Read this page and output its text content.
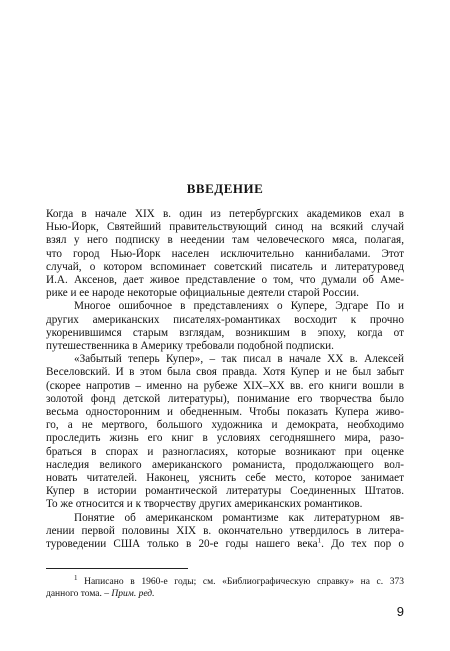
ВВЕДЕНИЕ

Когда в начале XIX в. один из петербургских академиков ехал в
Нью-Йорк, Святейший правительствующий синод на всякий случай
взял у него подписку в неедении там человеческого мяса, полагая,
что город Нью-Йорк населен исключительно каннибалами. Этот
случай, о котором вспоминает советский писатель и литературовед
И.А. Аксенов, дает живое представление о том, что думали об Аме-
рике и ее народе некоторые официальные деятели старой России.

Многое ошибочное в представлениях о Купере, Эдгаре По и
других американских писателях-романтиках восходит к прочно
укоренившимся старым взглядам, возникшим в эпоху, когда от
путешественника в Америку требовали подобной подписки.

«Забытый теперь Купер», – так писал в начале XX в. Алексей
Веселовский. И в этом была своя правда. Хотя Купер и не был забыт
(скорее напротив – именно на рубеже XIX–XX вв. его книги вошли в
золотой фонд детской литературы), понимание его творчества было
весьма односторонним и обедненным. Чтобы показать Купера живо-
го, а не мертвого, большого художника и демократа, необходимо
проследить жизнь его книг в условиях сегодняшнего мира, разо-
браться в спорах и разногласиях, которые возникают при оценке
наследия великого американского романиста, продолжающего вол-
новать читателей. Наконец, уяснить себе место, которое занимает
Купер в истории романтической литературы Соединенных Штатов.
То же относится и к творчеству других американских романтиков.

Понятие об американском романтизме как литературном яв-
лении первой половины XIX в. окончательно утвердилось в литера-
туроведении США только в 20-е годы нашего века$^1$. До тех пор о

$^1$ Написано в 1960-е годы; см. «Библиографическую справку» на с. 373
данного тома. – Прим. ред.
9
